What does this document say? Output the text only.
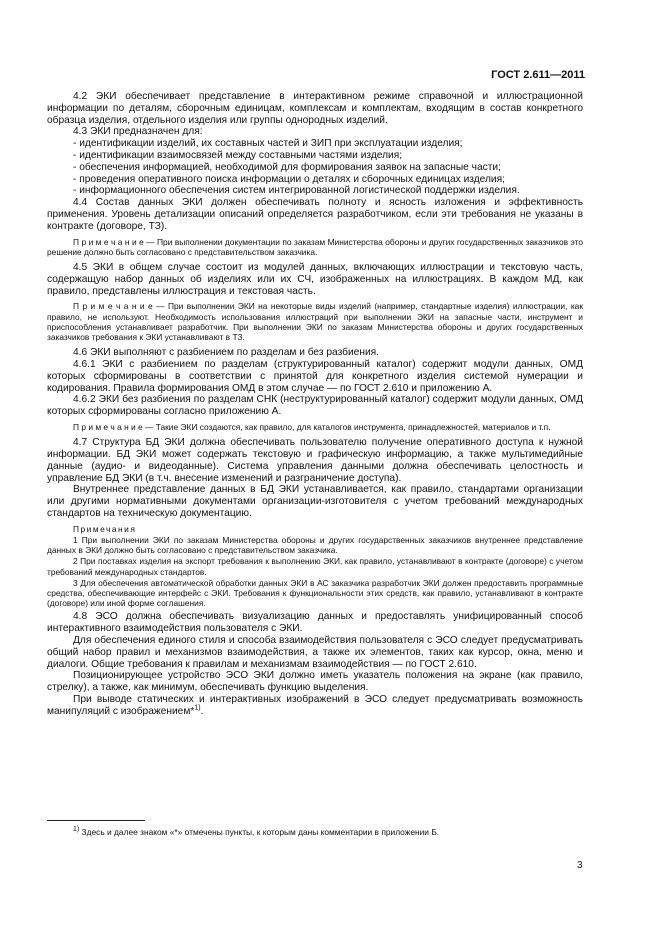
ГОСТ 2.611—2011

4.2 ЭКИ обеспечивает представление в интерактивном режиме справочной и иллюстрационной информации по деталям, сборочным единицам, комплексам и комплектам, входящим в состав конкретного образца изделия, отдельного изделия или группы однородных изделий.

4.3 ЭКИ предназначен для:

- идентификации изделий, их составных частей и ЗИП при эксплуатации изделия;

- идентификации взаимосвязей между составными частями изделия;

- обеспечения информацией, необходимой для формирования заявок на запасные части;

- проведения оперативного поиска информации о деталях и сборочных единицах изделия;

- информационного обеспечения систем интегрированной логистической поддержки изделия.

4.4 Состав данных ЭКИ должен обеспечивать полноту и ясность изложения и эффективность применения. Уровень детализации описаний определяется разработчиком, если эти требования не указаны в контракте (договоре, ТЗ).

П р и м е ч а н и е — При выполнении документации по заказам Министерства обороны и других государственных заказчиков это решение должно быть согласовано с представительством заказчика.

4.5 ЭКИ в общем случае состоит из модулей данных, включающих иллюстрации и текстовую часть, содержащую набор данных об изделиях или их СЧ, изображенных на иллюстрациях. В каждом МД, как правило, представлены иллюстрация и текстовая часть.

П р и м е ч а н и е — При выполнении ЭКИ на некоторые виды изделий (например, стандартные изделия) иллюстрации, как правило, не используют. Необходимость использования иллюстраций при выполнении ЭКИ на запасные части, инструмент и приспособления устанавливает разработчик. При выполнении ЭКИ по заказам Министерства обороны и других государственных заказчиков требования к ЭКИ устанавливают в ТЗ.

4.6 ЭКИ выполняют с разбиением по разделам и без разбиения.

4.6.1 ЭКИ с разбиением по разделам (структурированный каталог) содержит модули данных, ОМД которых сформированы в соответствии с принятой для конкретного изделия системой нумерации и кодирования. Правила формирования ОМД в этом случае — по ГОСТ 2.610 и приложению А.

4.6.2 ЭКИ без разбиения по разделам СНК (неструктурированный каталог) содержит модули данных, ОМД которых сформированы согласно приложению А.

П р и м е ч а н и е — Такие ЭКИ создаются, как правило, для каталогов инструмента, принадлежностей, материалов и т.п.

4.7 Структура БД ЭКИ должна обеспечивать пользователю получение оперативного доступа к нужной информации. БД ЭКИ может содержать текстовую и графическую информацию, а также мультимедийные данные (аудио- и видеоданные). Система управления данными должна обеспечивать целостность и управление БД ЭКИ (в т.ч. внесение изменений и разграничение доступа).

Внутреннее представление данных в БД ЭКИ устанавливается, как правило, стандартами организации или другими нормативными документами организации-изготовителя с учетом требований международных стандартов на техническую документацию.

Примечания

1 При выполнении ЭКИ по заказам Министерства обороны и других государственных заказчиков внутреннее представление данных в ЭКИ должно быть согласовано с представительством заказчика.

2 При поставках изделия на экспорт требования к выполнению ЭКИ, как правило, устанавливают в контракте (договоре) с учетом требований международных стандартов.

3 Для обеспечения автоматической обработки данных ЭКИ в АС заказчика разработчик ЭКИ должен предоставить программные средства, обеспечивающие интерфейс с ЭКИ. Требования к функциональности этих средств, как правило, устанавливают в контракте (договоре) или иной форме соглашения.

4.8 ЭСО должна обеспечивать визуализацию данных и предоставлять унифицированный способ интерактивного взаимодействия пользователя с ЭКИ.

Для обеспечения единого стиля и способа взаимодействия пользователя с ЭСО следует предусматривать общий набор правил и механизмов взаимодействия, а также их элементов, таких как курсор, окна, меню и диалоги. Общие требования к правилам и механизмам взаимодействия — по ГОСТ 2.610.

Позиционирующее устройство ЭСО ЭКИ должно иметь указатель положения на экране (как правило, стрелку), а также, как минимум, обеспечивать функцию выделения.

При выводе статических и интерактивных изображений в ЭСО следует предусматривать возможность манипуляций с изображением*$^{1)}$.

$^{1)}$ Здесь и далее знаком «*» отмечены пункты, к которым даны комментарии в приложении Б.
3
